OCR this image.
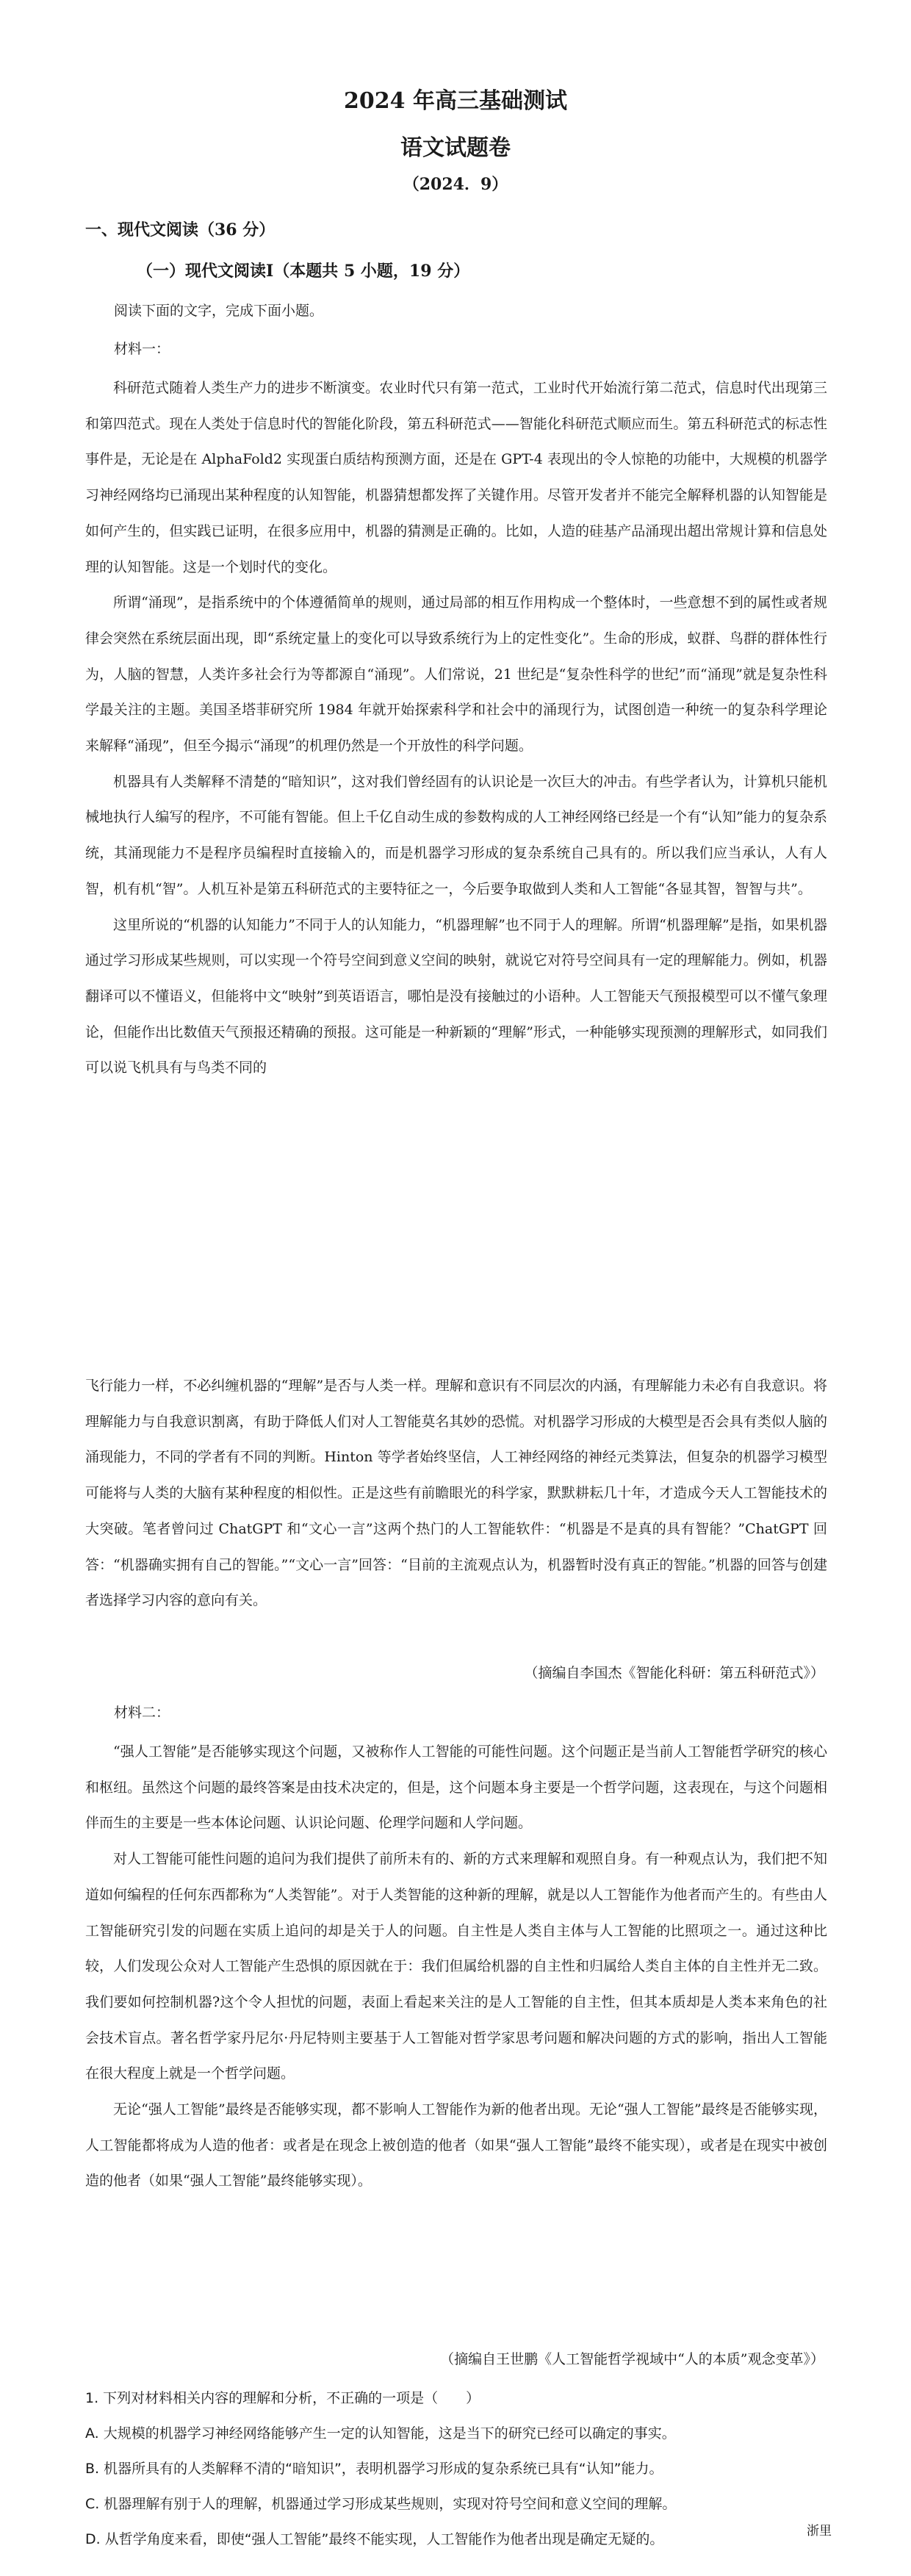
2024 年高三基础测试
语文试题卷
（2024．9）
一、现代文阅读（36 分）
（一）现代文阅读Ⅰ（本题共 5 小题，19 分）
阅读下面的文字，完成下面小题。
材料一：

科研范式随着人类生产力的进步不断演变。农业时代只有第一范式，工业时代开始流行第二范式，信息时代出现第三和第四范式。现在人类处于信息时代的智能化阶段，第五科研范式——智能化科研范式顺应而生。第五科研范式的标志性事件是，无论是在 AlphaFold2 实现蛋白质结构预测方面，还是在 GPT-4 表现出的令人惊艳的功能中，大规模的机器学习神经网络均已涌现出某种程度的认知智能，机器猜想都发挥了关键作用。尽管开发者并不能完全解释机器的认知智能是如何产生的，但实践已证明，在很多应用中，机器的猜测是正确的。比如，人造的硅基产品涌现出超出常规计算和信息处理的认知智能。这是一个划时代的变化。

所谓“涌现”，是指系统中的个体遵循简单的规则，通过局部的相互作用构成一个整体时，一些意想不到的属性或者规律会突然在系统层面出现，即“系统定量上的变化可以导致系统行为上的定性变化”。生命的形成，蚁群、鸟群的群体性行为，人脑的智慧，人类许多社会行为等都源自“涌现”。人们常说，21 世纪是“复杂性科学的世纪”而“涌现”就是复杂性科学最关注的主题。美国圣塔菲研究所 1984 年就开始探索科学和社会中的涌现行为，试图创造一种统一的复杂科学理论来解释“涌现”，但至今揭示“涌现”的机理仍然是一个开放性的科学问题。

机器具有人类解释不清楚的“暗知识”，这对我们曾经固有的认识论是一次巨大的冲击。有些学者认为，计算机只能机械地执行人编写的程序，不可能有智能。但上千亿自动生成的参数构成的人工神经网络已经是一个有“认知”能力的复杂系统，其涌现能力不是程序员编程时直接输入的，而是机器学习形成的复杂系统自己具有的。所以我们应当承认，人有人智，机有机“智”。人机互补是第五科研范式的主要特征之一，今后要争取做到人类和人工智能“各显其智，智智与共”。

这里所说的“机器的认知能力”不同于人的认知能力，“机器理解”也不同于人的理解。所谓“机器理解”是指，如果机器通过学习形成某些规则，可以实现一个符号空间到意义空间的映射，就说它对符号空间具有一定的理解能力。例如，机器翻译可以不懂语义，但能将中文“映射”到英语语言，哪怕是没有接触过的小语种。人工智能天气预报模型可以不懂气象理论，但能作出比数值天气预报还精确的预报。这可能是一种新颖的“理解”形式，一种能够实现预测的理解形式，如同我们可以说飞机具有与鸟类不同的

飞行能力一样，不必纠缠机器的“理解”是否与人类一样。理解和意识有不同层次的内涵，有理解能力未必有自我意识。将理解能力与自我意识割离，有助于降低人们对人工智能莫名其妙的恐慌。对机器学习形成的大模型是否会具有类似人脑的涌现能力，不同的学者有不同的判断。Hinton 等学者始终坚信，人工神经网络的神经元类算法，但复杂的机器学习模型可能将与人类的大脑有某种程度的相似性。正是这些有前瞻眼光的科学家，默默耕耘几十年，才造成今天人工智能技术的大突破。笔者曾问过 ChatGPT 和“文心一言”这两个热门的人工智能软件：“机器是不是真的具有智能？”ChatGPT 回答：“机器确实拥有自己的智能。”“文心一言”回答：“目前的主流观点认为，机器暂时没有真正的智能。”机器的回答与创建者选择学习内容的意向有关。

（摘编自李国杰《智能化科研：第五科研范式》）
材料二：

“强人工智能”是否能够实现这个问题，又被称作人工智能的可能性问题。这个问题正是当前人工智能哲学研究的核心和枢纽。虽然这个问题的最终答案是由技术决定的，但是，这个问题本身主要是一个哲学问题，这表现在，与这个问题相伴而生的主要是一些本体论问题、认识论问题、伦理学问题和人学问题。

对人工智能可能性问题的追问为我们提供了前所未有的、新的方式来理解和观照自身。有一种观点认为，我们把不知道如何编程的任何东西都称为“人类智能”。对于人类智能的这种新的理解，就是以人工智能作为他者而产生的。有些由人工智能研究引发的问题在实质上追问的却是关于人的问题。自主性是人类自主体与人工智能的比照项之一。通过这种比较，人们发现公众对人工智能产生恐惧的原因就在于：我们但属给机器的自主性和归属给人类自主体的自主性并无二致。我们要如何控制机器?这个令人担忧的问题，表面上看起来关注的是人工智能的自主性，但其本质却是人类本来角色的社会技术盲点。著名哲学家丹尼尔·丹尼特则主要基于人工智能对哲学家思考问题和解决问题的方式的影响，指出人工智能在很大程度上就是一个哲学问题。

无论“强人工智能”最终是否能够实现，都不影响人工智能作为新的他者出现。无论“强人工智能”最终是否能够实现，人工智能都将成为人造的他者：或者是在现念上被创造的他者（如果“强人工智能”最终不能实现），或者是在现实中被创造的他者（如果“强人工智能”最终能够实现）。

（摘编自王世鹏《人工智能哲学视域中“人的本质”观念变革》）
1. 下列对材料相关内容的理解和分析，不正确的一项是（　　）
A. 大规模的机器学习神经网络能够产生一定的认知智能，这是当下的研究已经可以确定的事实。
B. 机器所具有的人类解释不清的“暗知识”，表明机器学习形成的复杂系统已具有“认知”能力。
C. 机器理解有别于人的理解，机器通过学习形成某些规则，实现对符号空间和意义空间的理解。
D. 从哲学角度来看，即使“强人工智能”最终不能实现，人工智能作为他者出现是确定无疑的。	浙里
